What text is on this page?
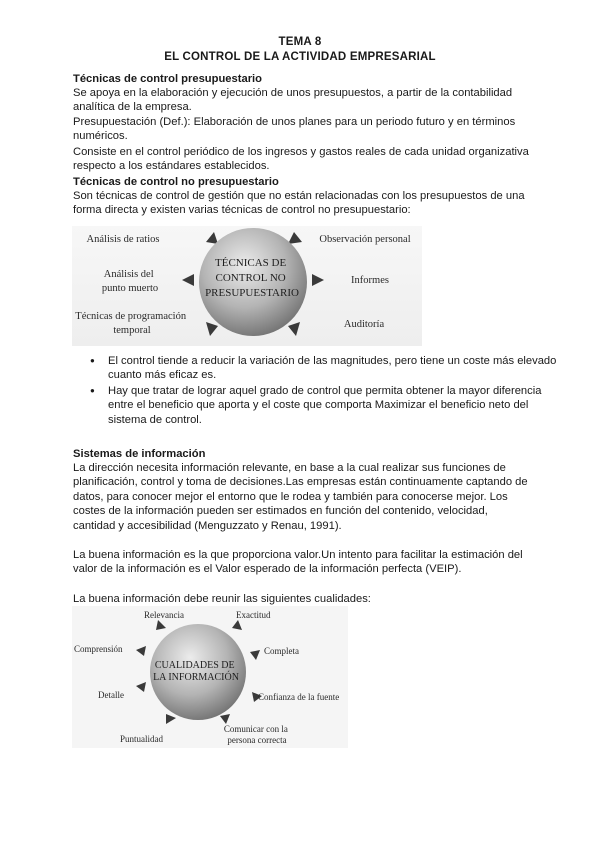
TEMA 8
EL CONTROL DE LA ACTIVIDAD EMPRESARIAL
Técnicas de control presupuestario
Se apoya en la elaboración y ejecución de unos presupuestos, a partir de la contabilidad analítica de la empresa.
Presupuestación (Def.): Elaboración de unos planes para un periodo futuro y en términos numéricos.
Consiste en el control periódico de los ingresos y gastos reales de cada unidad organizativa respecto a los estándares establecidos.
Técnicas de control no presupuestario
Son técnicas de control de gestión que no están relacionadas con los presupuestos de una forma directa y existen varias técnicas de control no presupuestario:
TÉCNICAS DE CONTROL NO PRESUPUESTARIO
Análisis de ratios
Análisis del punto muerto
Técnicas de programación temporal
Observación personal
Informes
Auditoría
● El control tiende a reducir la variación de las magnitudes, pero tiene un coste más elevado cuanto más eficaz es.
● Hay que tratar de lograr aquel grado de control que permita obtener la mayor diferencia entre el beneficio que aporta y el coste que comporta Maximizar el beneficio neto del sistema de control.
Sistemas de información
La dirección necesita información relevante, en base a la cual realizar sus funciones de planificación, control y toma de decisiones.Las empresas están continuamente captando de datos, para conocer mejor el entorno que le rodea y también para conocerse mejor. Los costes de la información pueden ser estimados en función del contenido, velocidad, cantidad y accesibilidad (Menguzzato y Renau, 1991).
La buena información es la que proporciona valor.Un intento para facilitar la estimación del valor de la información es el Valor esperado de la información perfecta (VEIP).
La buena información debe reunir las siguientes cualidades:
CUALIDADES DE LA INFORMACIÓN
Relevancia	Exactitud
Completa
Confianza de la fuente
Comunicar con la persona correcta
Puntualidad
Detalle
Comprensión
